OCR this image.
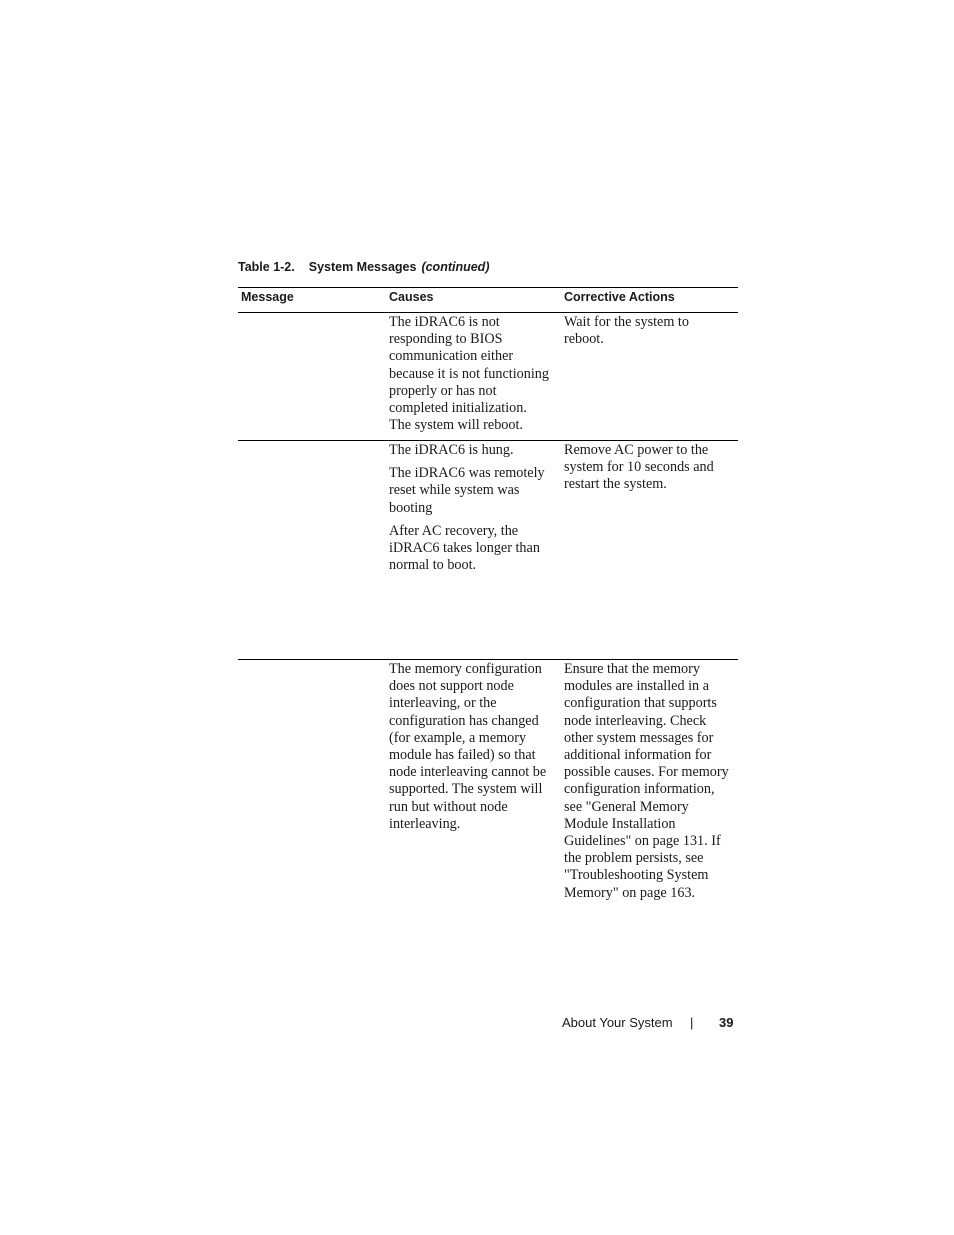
Table 1-2. System Messages (continued)
Message	Causes	Corrective Actions

The iDRAC6 is not
responding to BIOS
communication either
because it is not functioning
properly or has not
completed initialization.
The system will reboot.

Wait for the system to
reboot.

The iDRAC6 is hung.

The iDRAC6 was remotely
reset while system was
booting

After AC recovery, the
iDRAC6 takes longer than
normal to boot.

Remove AC power to the
system for 10 seconds and
restart the system.

The memory configuration
does not support node
interleaving, or the
configuration has changed
(for example, a memory
module has failed) so that
node interleaving cannot be
supported. The system will
run but without node
interleaving.

Ensure that the memory
modules are installed in a
configuration that supports
node interleaving. Check
other system messages for
additional information for
possible causes. For memory
configuration information,
see "General Memory
Module Installation
Guidelines" on page 131. If
the problem persists, see
"Troubleshooting System
Memory" on page 163.

About Your System | 39
